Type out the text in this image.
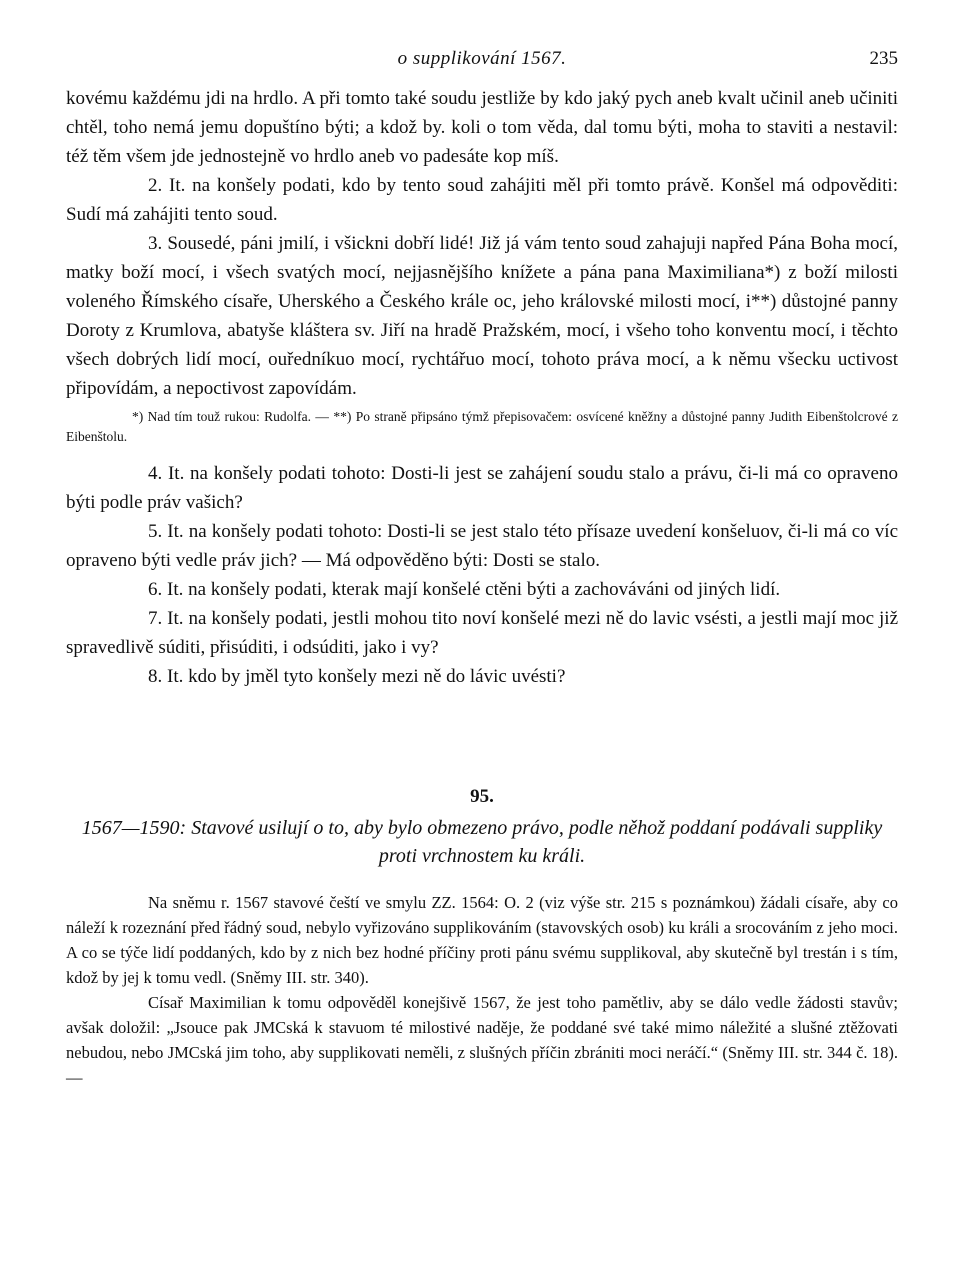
o supplikování 1567.	235

kovému každému jdi na hrdlo. A při tomto také soudu jestliže by kdo jaký pych aneb kvalt učinil aneb učiniti chtěl, toho nemá jemu dopuštíno býti; a kdož by. koli o tom věda, dal tomu býti, moha to staviti a nestavil: též těm všem jde jednostejně vo hrdlo aneb vo padesáte kop míš.

2. It. na konšely podati, kdo by tento soud zahájiti měl při tomto právě. Konšel má odpověditi: Sudí má zahájiti tento soud.

3. Sousedé, páni jmilí, i všickni dobří lidé! Již já vám tento soud zahajuji napřed Pána Boha mocí, matky boží mocí, i všech svatých mocí, nejjasnějšího knížete a pána pana Maximiliana*) z boží milosti voleného Římského císaře, Uherského a Českého krále oc, jeho královské milosti mocí, i**) důstojné panny Doroty z Krumlova, abatyše kláštera sv. Jiří na hradě Pražském, mocí, i všeho toho konventu mocí, i těchto všech dobrých lidí mocí, ouředníkuo mocí, rychtářuo mocí, tohoto práva mocí, a k němu všecku uctivost připovídám, a nepoctivost zapovídám.

*) Nad tím touž rukou: Rudolfa. — **) Po straně připsáno týmž přepisovačem: osvícené kněžny a důstojné panny Judith Eibenštolcrové z Eibenštolu.

4. It. na konšely podati tohoto: Dosti-li jest se zahájení soudu stalo a právu, či-li má co opraveno býti podle práv vašich?

5. It. na konšely podati tohoto: Dosti-li se jest stalo této přísaze uvedení konšeluov, či-li má co víc opraveno býti vedle práv jich? — Má odpověděno býti: Dosti se stalo.

6. It. na konšely podati, kterak mají konšelé ctěni býti a zachováváni od jiných lidí.

7. It. na konšely podati, jestli mohou tito noví konšelé mezi ně do lavic vsésti, a jestli mají moc již spravedlivě súditi, přisúditi, i odsúditi, jako i vy?

8. It. kdo by jměl tyto konšely mezi ně do lávic uvésti?

95.

1567—1590: Stavové usilují o to, aby bylo obmezeno právo, podle něhož poddaní podávali suppliky proti vrchnostem ku králi.

Na sněmu r. 1567 stavové čeští ve smylu ZZ. 1564: O. 2 (viz výše str. 215 s poznámkou) žádali císaře, aby co náleží k rozeznání před řádný soud, nebylo vyřizováno supplikováním (stavovských osob) ku králi a srocováním z jeho moci. A co se týče lidí poddaných, kdo by z nich bez hodné příčiny proti pánu svému supplikoval, aby skutečně byl trestán i s tím, kdož by jej k tomu vedl. (Sněmy III. str. 340).

Císař Maximilian k tomu odpověděl konejšivě 1567, že jest toho pamětliv, aby se dálo vedle žádosti stavův; avšak doložil: „Jsouce pak JMCská k stavuom té milostivé naděje, že poddané své také mimo náležité a slušné ztěžovati nebudou, nebo JMCská jim toho, aby supplikovati neměli, z slušných příčin zbrániti moci neráčí.“ (Sněmy III. str. 344 č. 18). —
